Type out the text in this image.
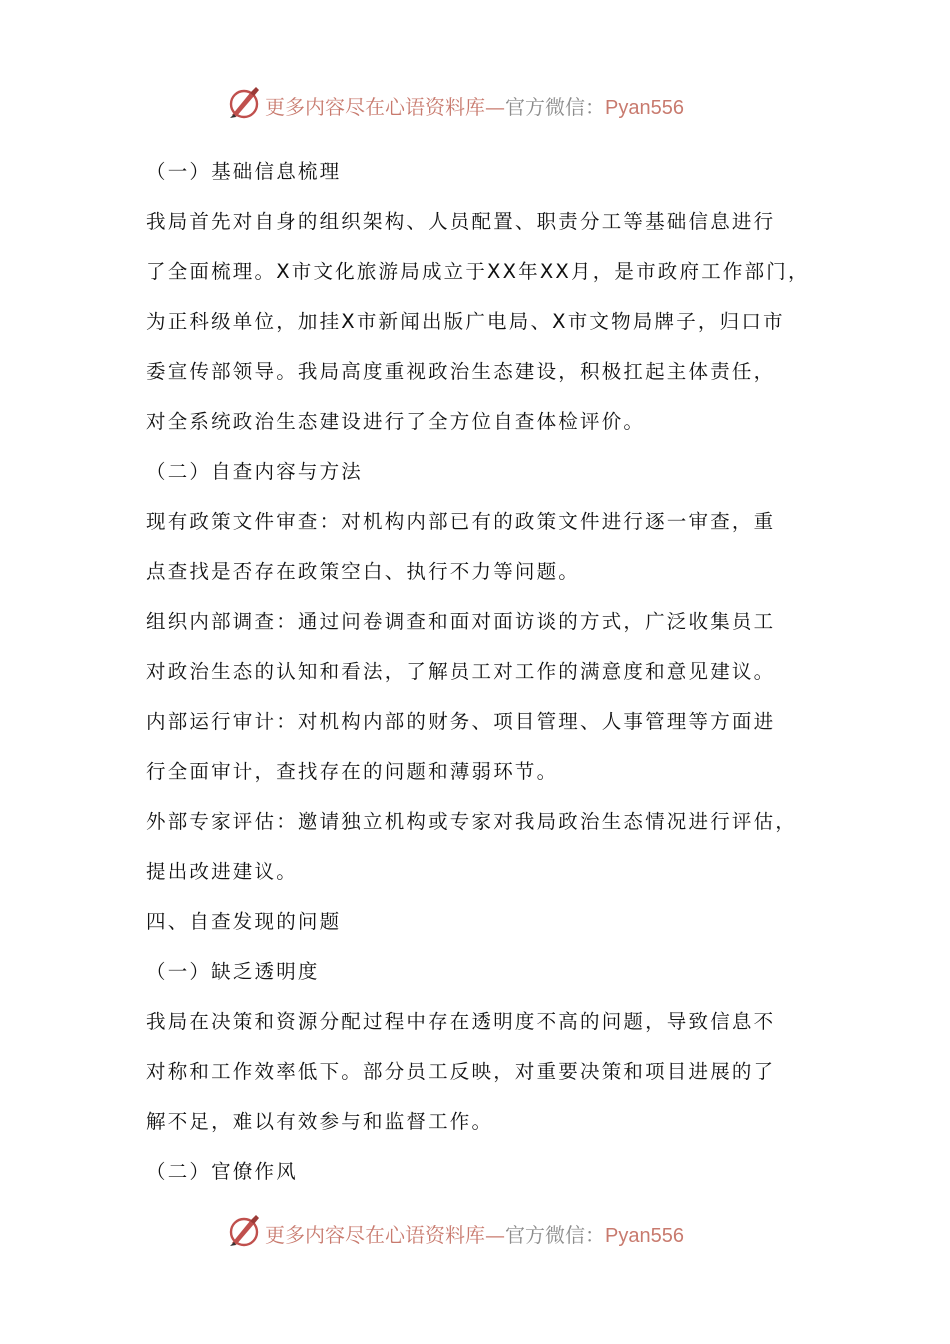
更多内容尽在心语资料库—官方微信：Pyan556
（一）基础信息梳理
我局首先对自身的组织架构、人员配置、职责分工等基础信息进行
了全面梳理。X市文化旅游局成立于XX年XX月，是市政府工作部门，
为正科级单位，加挂X市新闻出版广电局、X市文物局牌子，归口市
委宣传部领导。我局高度重视政治生态建设，积极扛起主体责任，
对全系统政治生态建设进行了全方位自查体检评价。
（二）自查内容与方法
现有政策文件审查：对机构内部已有的政策文件进行逐一审查，重
点查找是否存在政策空白、执行不力等问题。
组织内部调查：通过问卷调查和面对面访谈的方式，广泛收集员工
对政治生态的认知和看法，了解员工对工作的满意度和意见建议。
内部运行审计：对机构内部的财务、项目管理、人事管理等方面进
行全面审计，查找存在的问题和薄弱环节。
外部专家评估：邀请独立机构或专家对我局政治生态情况进行评估，
提出改进建议。
四、自查发现的问题
（一）缺乏透明度
我局在决策和资源分配过程中存在透明度不高的问题，导致信息不
对称和工作效率低下。部分员工反映，对重要决策和项目进展的了
解不足，难以有效参与和监督工作。
（二）官僚作风
更多内容尽在心语资料库—官方微信：Pyan556
